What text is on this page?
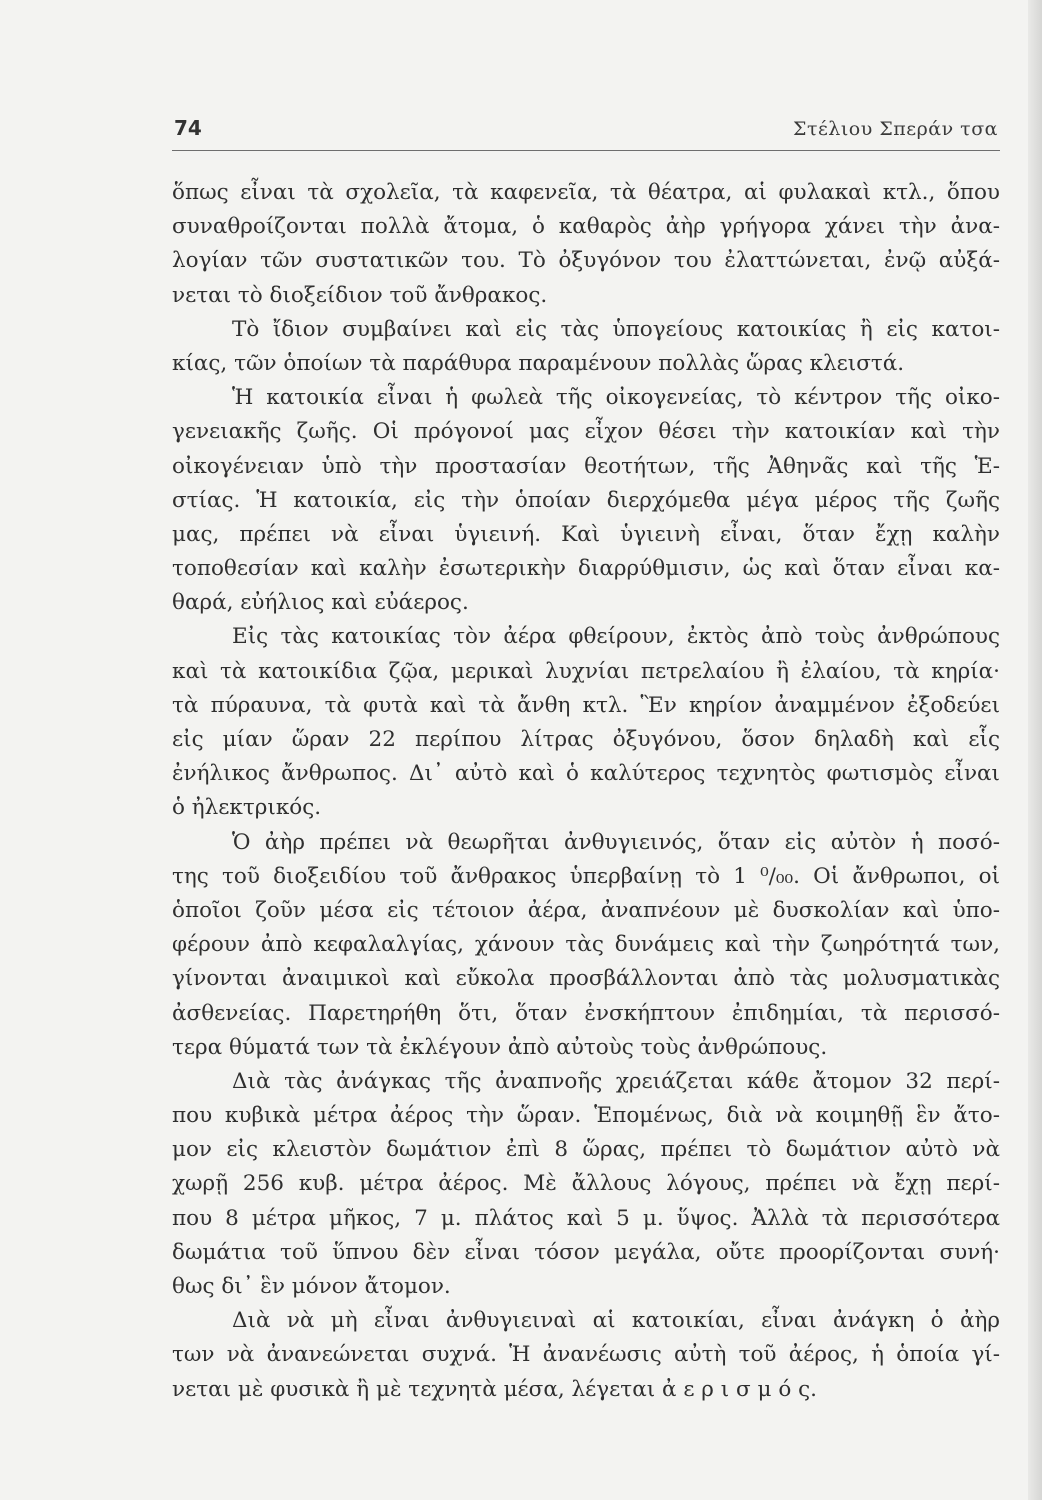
74	Στέλιου Σπεράν τσα
ὅπως εἶναι τὰ σχολεῖα, τὰ καφενεῖα, τὰ θέατρα, αἱ φυλακαὶ κτλ., ὅπου
συναθροίζονται πολλὰ ἄτομα, ὁ καθαρὸς ἀὴρ γρήγορα χάνει τὴν ἀνα-
λογίαν τῶν συστατικῶν του. Τὸ ὀξυγόνον του ἐλαττώνεται, ἐνῷ αὐξά-
νεται τὸ διοξείδιον τοῦ ἄνθρακος.
Τὸ ἴδιον συμβαίνει καὶ εἰς τὰς ὑπογείους κατοικίας ἢ εἰς κατοι-
κίας, τῶν ὁποίων τὰ παράθυρα παραμένουν πολλὰς ὥρας κλειστά.
Ἡ κατοικία εἶναι ἡ φωλεὰ τῆς οἰκογενείας, τὸ κέντρον τῆς οἰκο-
γενειακῆς ζωῆς. Οἱ πρόγονοί μας εἶχον θέσει τὴν κατοικίαν καὶ τὴν
οἰκογένειαν ὑπὸ τὴν προστασίαν θεοτήτων, τῆς Ἀθηνᾶς καὶ τῆς Ἑ-
στίας. Ἡ κατοικία, εἰς τὴν ὁποίαν διερχόμεθα μέγα μέρος τῆς ζωῆς
μας, πρέπει νὰ εἶναι ὑγιεινή. Καὶ ὑγιεινὴ εἶναι, ὅταν ἔχῃ καλὴν
τοποθεσίαν καὶ καλὴν ἐσωτερικὴν διαρρύθμισιν, ὡς καὶ ὅταν εἶναι κα-
θαρά, εὐήλιος καὶ εὐάερος.
Εἰς τὰς κατοικίας τὸν ἀέρα φθείρουν, ἐκτὸς ἀπὸ τοὺς ἀνθρώπους
καὶ τὰ κατοικίδια ζῷα, μερικαὶ λυχνίαι πετρελαίου ἢ ἐλαίου, τὰ κηρία·
τὰ πύραυνα, τὰ φυτὰ καὶ τὰ ἄνθη κτλ. Ἓν κηρίον ἀναμμένον ἐξοδεύει
εἰς μίαν ὥραν 22 περίπου λίτρας ὀξυγόνου, ὅσον δηλαδὴ καὶ εἷς
ἐνήλικος ἄνθρωπος. Δι᾿ αὐτὸ καὶ ὁ καλύτερος τεχνητὸς φωτισμὸς εἶναι
ὁ ἠλεκτρικός.
Ὁ ἀὴρ πρέπει νὰ θεωρῆται ἀνθυγιεινός, ὅταν εἰς αὐτὸν ἡ ποσό-
της τοῦ διοξειδίου τοῦ ἄνθρακος ὑπερβαίνῃ τὸ 1 ⁰/₀₀. Οἱ ἄνθρωποι, οἱ
ὁποῖοι ζοῦν μέσα εἰς τέτοιον ἀέρα, ἀναπνέουν μὲ δυσκολίαν καὶ ὑπο-
φέρουν ἀπὸ κεφαλαλγίας, χάνουν τὰς δυνάμεις καὶ τὴν ζωηρότητά των,
γίνονται ἀναιμικοὶ καὶ εὔκολα προσβάλλονται ἀπὸ τὰς μολυσματικὰς
ἀσθενείας. Παρετηρήθη ὅτι, ὅταν ἐνσκήπτουν ἐπιδημίαι, τὰ περισσό-
τερα θύματά των τὰ ἐκλέγουν ἀπὸ αὐτοὺς τοὺς ἀνθρώπους.
Διὰ τὰς ἀνάγκας τῆς ἀναπνοῆς χρειάζεται κάθε ἄτομον 32 περί-
που κυβικὰ μέτρα ἀέρος τὴν ὥραν. Ἑπομένως, διὰ νὰ κοιμηθῇ ἓν ἄτο-
μον εἰς κλειστὸν δωμάτιον ἐπὶ 8 ὥρας, πρέπει τὸ δωμάτιον αὐτὸ νὰ
χωρῇ 256 κυβ. μέτρα ἀέρος. Μὲ ἄλλους λόγους, πρέπει νὰ ἔχῃ περί-
που 8 μέτρα μῆκος, 7 μ. πλάτος καὶ 5 μ. ὕψος. Ἀλλὰ τὰ περισσότερα
δωμάτια τοῦ ὕπνου δὲν εἶναι τόσον μεγάλα, οὔτε προορίζονται συνή·
θως δι᾿ ἓν μόνον ἄτομον.
Διὰ νὰ μὴ εἶναι ἀνθυγιειναὶ αἱ κατοικίαι, εἶναι ἀνάγκη ὁ ἀὴρ
των νὰ ἀνανεώνεται συχνά. Ἡ ἀνανέωσις αὐτὴ τοῦ ἀέρος, ἡ ὁποία γί-
νεται μὲ φυσικὰ ἢ μὲ τεχνητὰ μέσα, λέγεται ἀ ε ρ ι σ μ ό ς.
